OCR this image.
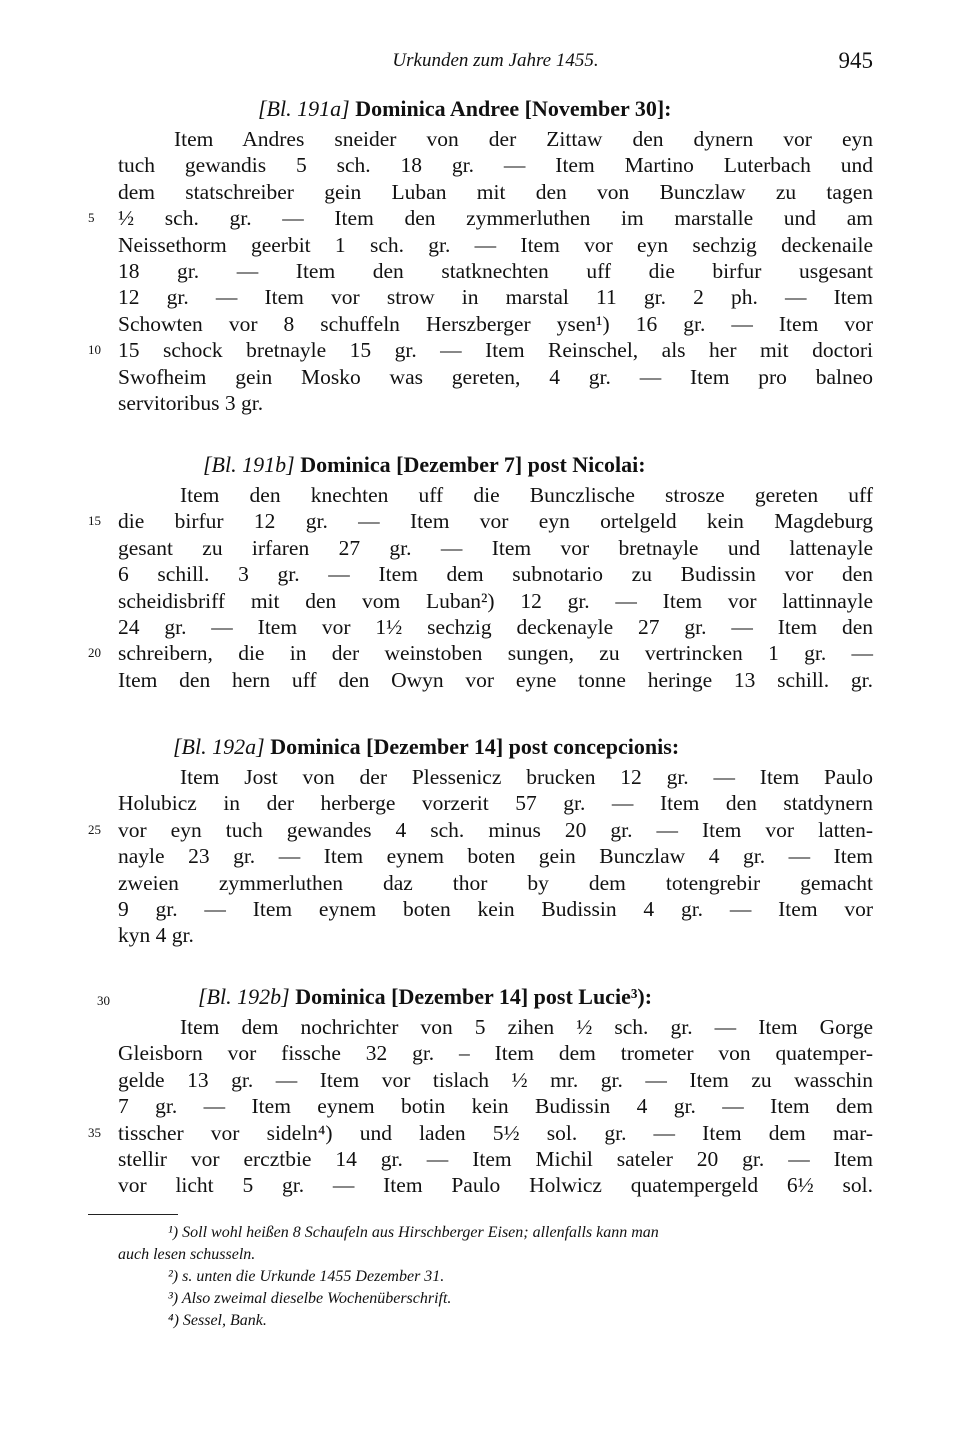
Urkunden zum Jahre 1455.	945
[Bl. 191a] Dominica Andree [November 30]:
Item Andres sneider von der Zittaw den dynern vor eyn
tuch gewandis 5 sch. 18 gr. — Item Martino Luterbach und
dem statschreiber gein Luban mit den von Bunczlaw zu tagen
5	½ sch. gr. — Item den zymmerluthen im marstalle und am
Neissethorm geerbit 1 sch. gr. — Item vor eyn sechzig deckenaile
18 gr. — Item den statknechten uff die birfur usgesant
12 gr. — Item vor strow in marstal 11 gr. 2 ph. — Item
Schowten vor 8 schuffeln Herszberger ysen¹) 16 gr. — Item vor
10 15 schock bretnayle 15 gr. — Item Reinschel, als her mit doctori
Swofheim gein Mosko was gereten, 4 gr. — Item pro balneo
servitoribus 3 gr.
[Bl. 191b] Dominica [Dezember 7] post Nicolai:
Item den knechten uff die Bunczlische strosze gereten uff
15 die birfur 12 gr. — Item vor eyn ortelgeld kein Magdeburg
gesant zu irfaren 27 gr. — Item vor bretnayle und lattenayle
6 schill. 3 gr. — Item dem subnotario zu Budissin vor den
scheidisbriff mit den vom Luban²) 12 gr. — Item vor lattinnayle
24 gr. — Item vor 1½ sechzig deckenayle 27 gr. — Item den
20 schreibern, die in der weinstoben sungen, zu vertrincken 1 gr. —
Item den hern uff den Owyn vor eyne tonne heringe 13 schill. gr.
[Bl. 192a] Dominica [Dezember 14] post concepcionis:
Item Jost von der Plessenicz brucken 12 gr. — Item Paulo
Holubicz in der herberge vorzerit 57 gr. — Item den statdynern
25 vor eyn tuch gewandes 4 sch. minus 20 gr. — Item vor latten-
nayle 23 gr. — Item eynem boten gein Bunczlaw 4 gr. — Item
zweien zymmerluthen daz thor by dem totengrebir gemacht
9 gr. — Item eynem boten kein Budissin 4 gr. — Item vor
kyn 4 gr.
30	[Bl. 192b] Dominica [Dezember 14] post Lucie³):
Item dem nochrichter von 5 zihen ½ sch. gr. — Item Gorge
Gleisborn vor fissche 32 gr. – Item dem trometer von quatemper-
gelde 13 gr. — Item vor tislach ½ mr. gr. — Item zu wasschin
7 gr. — Item eynem botin kein Budissin 4 gr. — Item dem
35 tisscher vor sideln⁴) und laden 5½ sol. gr. — Item dem mar-
stellir vor ercztbie 14 gr. — Item Michil sateler 20 gr. — Item
vor licht 5 gr. — Item Paulo Holwicz quatempergeld 6½ sol.
¹) Soll wohl heißen 8 Schaufeln aus Hirschberger Eisen; allenfalls kann man
auch lesen schusseln.
²) s. unten die Urkunde 1455 Dezember 31.
³) Also zweimal dieselbe Wochenüberschrift.
⁴) Sessel, Bank.
